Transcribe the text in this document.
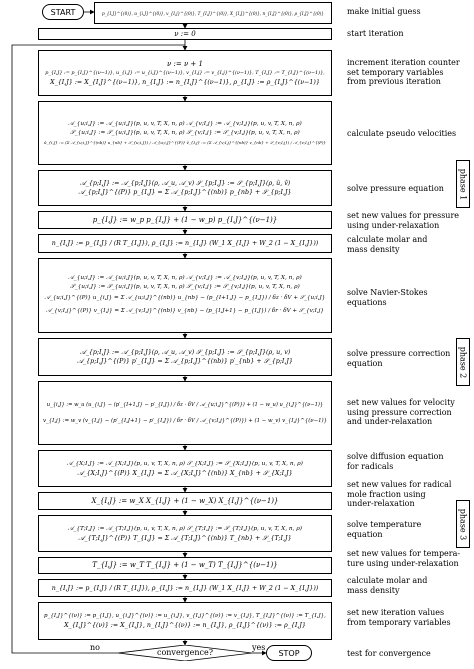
START	p_{I,J}^{(0)}, u_{i,J}^{(0)}, v_{I,j}^{(0)}, T_{I,J}^{(0)}, X_{I,J}^{(0)}, n_{I,J}^{(0)}, ρ_{I,J}^{(0)}	make initial guess
ν := 0	start iteration
ν := ν + 1
p_{I,J} := p_{I,J}^{(ν−1)}, u_{i,J} := u_{i,J}^{(ν−1)}, v_{I,j} := v_{I,j}^{(ν−1)}, T_{I,J} := T_{I,J}^{(ν−1)},
X_{I,J} := X_{I,J}^{(ν−1)}, n_{I,J} := n_{I,J}^{(ν−1)}, ρ_{I,J} := ρ_{I,J}^{(ν−1)}
increment iteration counter
set temporary variables
from previous iteration
𝒜_{u;i,J} := 𝒜_{u;i,J}(p, u, v, T, X, n, ρ) 𝒜_{v;I,j} := 𝒜_{v;I,j}(p, u, v, T, X, n, ρ)
𝒮_{u;i,J} := 𝒮_{u;i,J}(p, u, v, T, X, n, ρ) 𝒮_{v;I,j} := 𝒮_{v;I,j}(p, u, v, T, X, n, ρ)
û_{i,J} := (Σ 𝒜_{u;i,J}^{(nb)} u_{nb} + 𝒮_{u;i,J}) / 𝒜_{u;i,J}^{(P)} v̂_{I,j} := (Σ 𝒜_{v;I,j}^{(nb)} v_{nb} + 𝒮_{v;I,j}) / 𝒜_{v;I,j}^{(P)}
calculate pseudo velocities
𝒜_{p;I,J} := 𝒜_{p;I,J}(ρ, 𝒜_u, 𝒜_v) 𝒮_{p;I,J} := 𝒮_{p;I,J}(ρ, û, v̂)
𝒜_{p;I,J}^{(P)} p_{I,J} = Σ 𝒜_{p;I,J}^{(nb)} p_{nb} + 𝒮_{p;I,J}	solve pressure equation
p_{I,J} := w_p p_{I,J} + (1 − w_p) p_{I,J}^{(ν−1)}	set new values for pressure
using under-relaxation
n_{I,J} := p_{I,J} / (R T_{I,J}), ρ_{I,J} := n_{I,J} (W_1 X_{I,J} + W_2 (1 − X_{I,J}))	calculate molar and
mass density
𝒜_{u;i,J} := 𝒜_{u;i,J}(p, u, v, T, X, n, ρ) 𝒜_{v;I,j} := 𝒜_{v;I,j}(p, u, v, T, X, n, ρ)
𝒮_{u;i,J} := 𝒮_{u;i,J}(p, u, v, T, X, n, ρ) 𝒮_{v;I,j} := 𝒮_{v;I,j}(p, u, v, T, X, n, ρ)
𝒜_{u;i,J}^{(P)} u_{i,J} = Σ 𝒜_{u;i,J}^{(nb)} u_{nb} − (p_{I+1,J} − p_{I,J}) / δz · δV + 𝒮_{u;i,J}
𝒜_{v;I,j}^{(P)} v_{I,j} = Σ 𝒜_{v;I,j}^{(nb)} v_{nb} − (p_{I,J+1} − p_{I,J}) / δr · δV + 𝒮_{v;I,j}
solve Navier-Stokes
equations
𝒜_{p;I,J} := 𝒜_{p;I,J}(ρ, 𝒜_u, 𝒜_v) 𝒮_{p;I,J} := 𝒮_{p;I,J}(ρ, u, v)
𝒜_{p;I,J}^{(P)} p′_{I,J} = Σ 𝒜_{p;I,J}^{(nb)} p′_{nb} + 𝒮_{p;I,J}
solve pressure correction
equation
u_{i,J} := w_u (u_{i,J} − (p′_{I+1,J} − p′_{I,J}) / δz · δV / 𝒜_{u;i,J}^{(P)}) + (1 − w_u) u_{i,J}^{(ν−1)}
v_{I,j} := w_v (v_{I,j} − (p′_{I,J+1} − p′_{I,J}) / δr · δV / 𝒜_{v;I,j}^{(P)}) + (1 − w_v) v_{I,j}^{(ν−1)}
set new values for velocity
using pressure correction
and under-relaxation
𝒜_{X;I,J} := 𝒜_{X;I,J}(p, u, v, T, X, n, ρ) 𝒮_{X;I,J} := 𝒮_{X;I,J}(p, u, v, T, X, n, ρ)
𝒜_{X;I,J}^{(P)} X_{I,J} = Σ 𝒜_{X;I,J}^{(nb)} X_{nb} + 𝒮_{X;I,J}
solve diffusion equation
for radicals
X_{I,J} := w_X X_{I,J} + (1 − w_X) X_{I,J}^{(ν−1)}
set new values for radical
mole fraction using
under-relaxation
𝒜_{T;I,J} := 𝒜_{T;I,J}(p, u, v, T, X, n, ρ) 𝒮_{T;I,J} := 𝒮_{T;I,J}(p, u, v, T, X, n, ρ)
𝒜_{T;I,J}^{(P)} T_{I,J} = Σ 𝒜_{T;I,J}^{(nb)} T_{nb} + 𝒮_{T;I,J}
solve temperature
equation
T_{I,J} := w_T T_{I,J} + (1 − w_T) T_{I,J}^{(ν−1)}
set new values for tempera-
ture using under-relaxation
n_{I,J} := p_{I,J} / (R T_{I,J}), ρ_{I,J} := n_{I,J} (W_1 X_{I,J} + W_2 (1 − X_{I,J}))
calculate molar and
mass density
p_{I,J}^{(ν)} := p_{I,J}, u_{i,J}^{(ν)} := u_{i,J}, v_{I,j}^{(ν)} := v_{I,j}, T_{I,J}^{(ν)} := T_{I,J},
X_{I,J}^{(ν)} := X_{I,J}, n_{I,J}^{(ν)} := n_{I,J}, ρ_{I,J}^{(ν)} := ρ_{I,J}
set new iteration values
from temporary variables
convergence?
no	yes
STOP	test for convergence
phase 1
phase 2
phase 3
